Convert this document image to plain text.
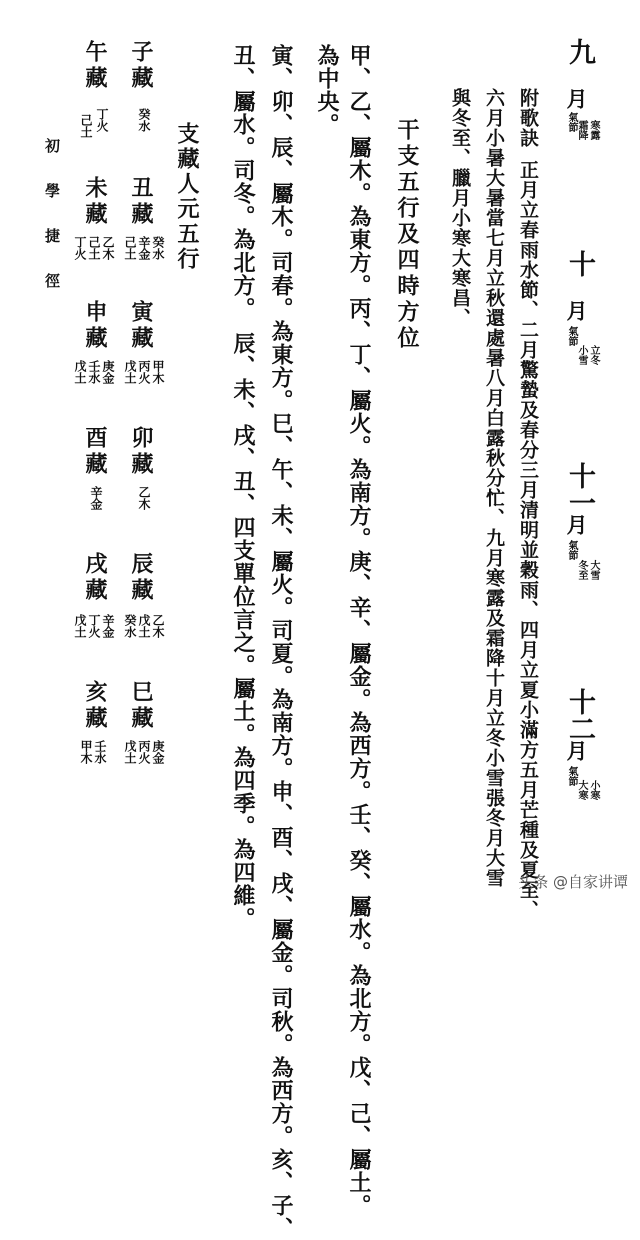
九
月
氣節 寒露
霜降
十
月
氣節
立冬
小雪
十一
月
氣節
大雪
冬至
十二
月
氣節
小寒
大寒
附歌訣
正月立春雨水節、二月驚蟄及春分三月清明並穀雨、四月立夏小滿方五月芒種及夏至、
六月小暑大暑當七月立秋還處暑八月白露秋分忙、九月寒露及霜降十月立冬小雪張冬月大雪
與冬至、臘月小寒大寒昌、
干支五行及四時方位
甲、乙、屬木。為東方。丙、丁、屬火。為南方。庚、辛、屬金。為西方。壬、癸、屬水。為北方。戊、己、屬土。
為中央。
寅、卯、辰、屬木。司春。為東方。巳、午、未、屬火。司夏。為南方。申、酉、戌、屬金。司秋。為西方。亥、子、
丑、屬水。司冬。為北方。　辰、未、戌、丑、四支單位言之。屬土。為四季。為四維。
支藏人元五行
子藏
癸水
午藏
丁火
己土
丑藏
癸水
辛金
己土
未藏
乙木
己土
丁火
寅藏
甲木
丙火
戊土
申藏
庚金
壬水
戊土
卯藏
乙木
酉藏
辛金
辰藏
乙木
戊土
癸水
戌藏
辛金
丁火
戊土
巳藏
庚金
丙火
戊土
亥藏
壬水
甲木
初學捷徑
头条 @自家讲谭
